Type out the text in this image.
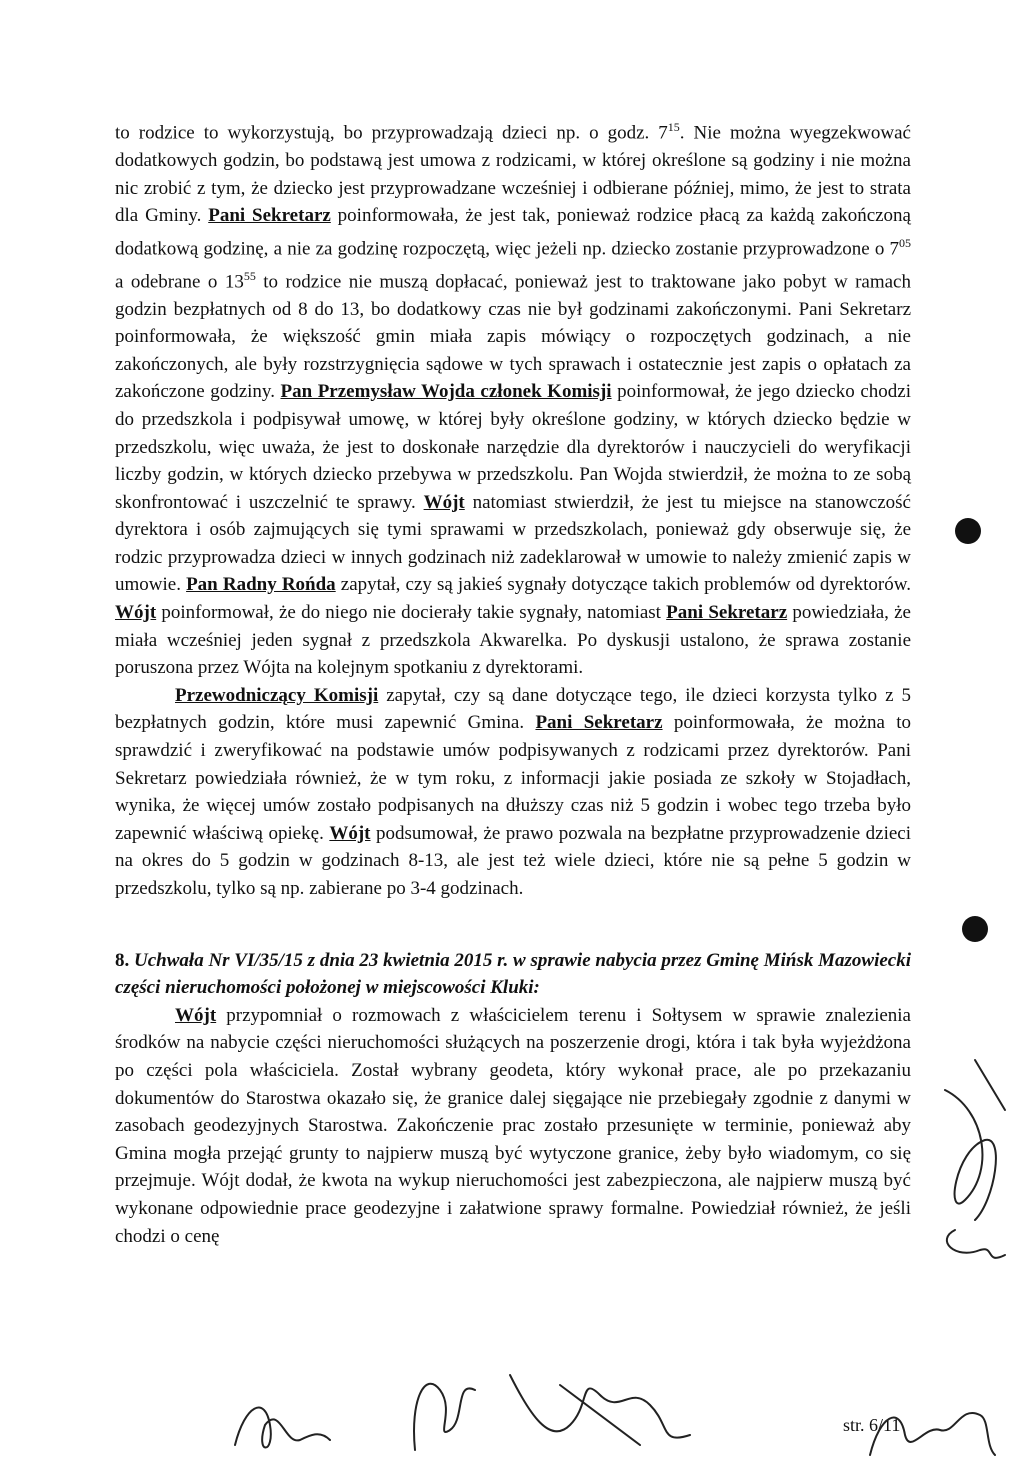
to rodzice to wykorzystują, bo przyprowadzają dzieci np. o godz. $7^{15}$. Nie można wyegzekwować dodatkowych godzin, bo podstawą jest umowa z rodzicami, w której określone są godziny i nie można nic zrobić z tym, że dziecko jest przyprowadzane wcześniej i odbierane później, mimo, że jest to strata dla Gminy. Pani Sekretarz poinformowała, że jest tak, ponieważ rodzice płacą za każdą zakończoną dodatkową godzinę, a nie za godzinę rozpoczętą, więc jeżeli np. dziecko zostanie przyprowadzone o $7^{05}$ a odebrane o $13^{55}$ to rodzice nie muszą dopłacać, ponieważ jest to traktowane jako pobyt w ramach godzin bezpłatnych od 8 do 13, bo dodatkowy czas nie był godzinami zakończonymi. Pani Sekretarz poinformowała, że większość gmin miała zapis mówiący o rozpoczętych godzinach, a nie zakończonych, ale były rozstrzygnięcia sądowe w tych sprawach i ostatecznie jest zapis o opłatach za zakończone godziny. Pan Przemysław Wojda członek Komisji poinformował, że jego dziecko chodzi do przedszkola i podpisywał umowę, w której były określone godziny, w których dziecko będzie w przedszkolu, więc uważa, że jest to doskonałe narzędzie dla dyrektorów i nauczycieli do weryfikacji liczby godzin, w których dziecko przebywa w przedszkolu. Pan Wojda stwierdził, że można to ze sobą skonfrontować i uszczelnić te sprawy. Wójt natomiast stwierdził, że jest tu miejsce na stanowczość dyrektora i osób zajmujących się tymi sprawami w przedszkolach, ponieważ gdy obserwuje się, że rodzic przyprowadza dzieci w innych godzinach niż zadeklarował w umowie to należy zmienić zapis w umowie. Pan Radny Rońda zapytał, czy są jakieś sygnały dotyczące takich problemów od dyrektorów. Wójt poinformował, że do niego nie docierały takie sygnały, natomiast Pani Sekretarz powiedziała, że miała wcześniej jeden sygnał z przedszkola Akwarelka. Po dyskusji ustalono, że sprawa zostanie poruszona przez Wójta na kolejnym spotkaniu z dyrektorami.

Przewodniczący Komisji zapytał, czy są dane dotyczące tego, ile dzieci korzysta tylko z 5 bezpłatnych godzin, które musi zapewnić Gmina. Pani Sekretarz poinformowała, że można to sprawdzić i zweryfikować na podstawie umów podpisywanych z rodzicami przez dyrektorów. Pani Sekretarz powiedziała również, że w tym roku, z informacji jakie posiada ze szkoły w Stojadłach, wynika, że więcej umów zostało podpisanych na dłuższy czas niż 5 godzin i wobec tego trzeba było zapewnić właściwą opiekę. Wójt podsumował, że prawo pozwala na bezpłatne przyprowadzenie dzieci na okres do 5 godzin w godzinach 8-13, ale jest też wiele dzieci, które nie są pełne 5 godzin w przedszkolu, tylko są np. zabierane po 3-4 godzinach.

8. Uchwała Nr VI/35/15 z dnia 23 kwietnia 2015 r. w sprawie nabycia przez Gminę Mińsk Mazowiecki części nieruchomości położonej w miejscowości Kluki:

Wójt przypomniał o rozmowach z właścicielem terenu i Sołtysem w sprawie znalezienia środków na nabycie części nieruchomości służących na poszerzenie drogi, która i tak była wyjeżdżona po części pola właściciela. Został wybrany geodeta, który wykonał prace, ale po przekazaniu dokumentów do Starostwa okazało się, że granice dalej sięgające nie przebiegały zgodnie z danymi w zasobach geodezyjnych Starostwa. Zakończenie prac zostało przesunięte w terminie, ponieważ aby Gmina mogła przejąć grunty to najpierw muszą być wytyczone granice, żeby było wiadomym, co się przejmuje. Wójt dodał, że kwota na wykup nieruchomości jest zabezpieczona, ale najpierw muszą być wykonane odpowiednie prace geodezyjne i załatwione sprawy formalne. Powiedział również, że jeśli chodzi o cenę

str. 6/11
